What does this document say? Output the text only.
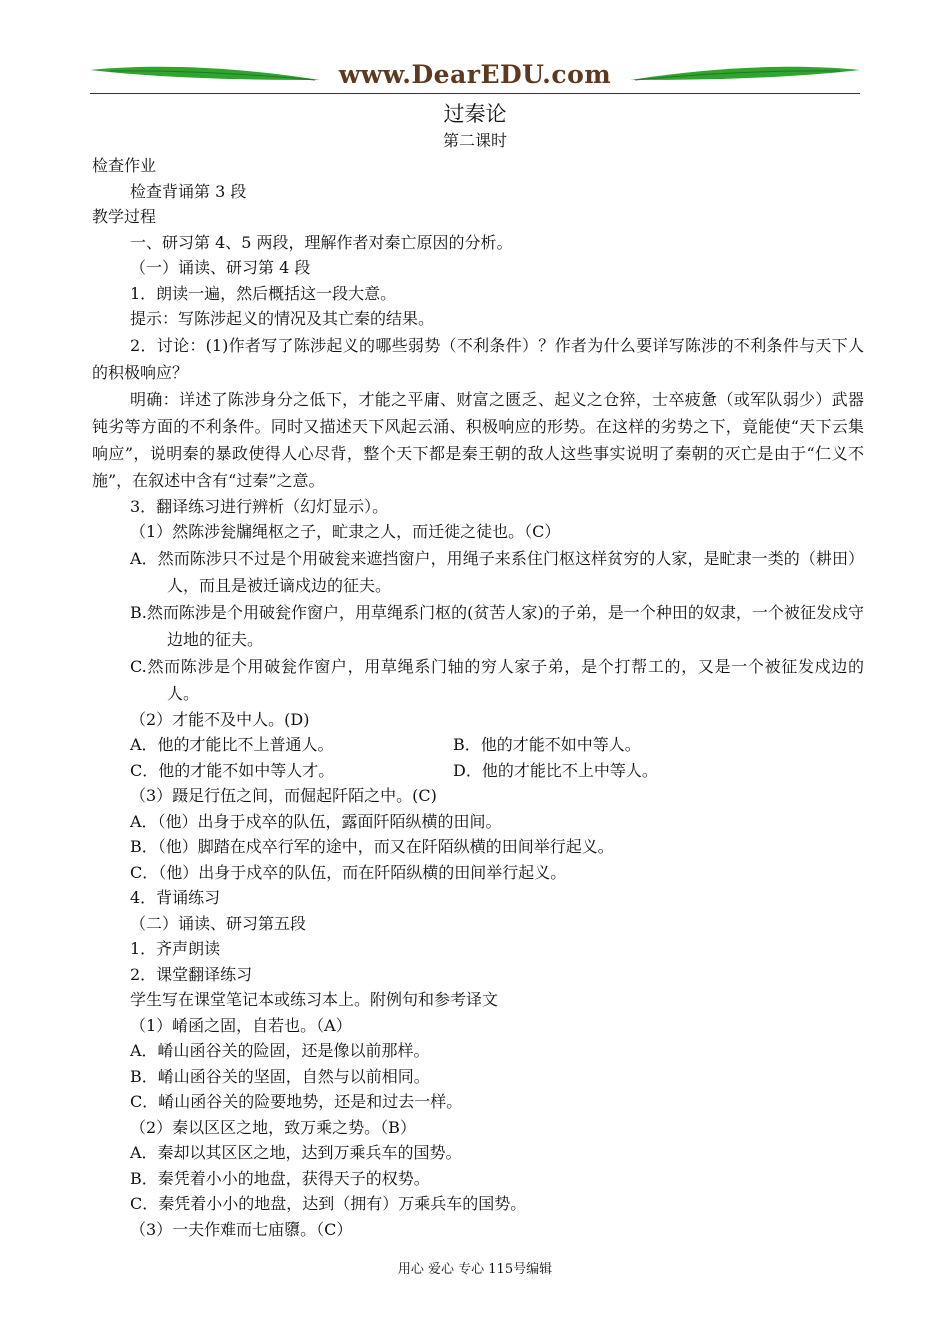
www.DearEDU.com
过秦论
第二课时
检查作业
检查背诵第 3 段
教学过程
一、研习第 4、5 两段，理解作者对秦亡原因的分析。
（一）诵读、研习第 4 段
1．朗读一遍，然后概括这一段大意。
提示：写陈涉起义的情况及其亡秦的结果。
2．讨论：(1)作者写了陈涉起义的哪些弱势（不利条件）？作者为什么要详写陈涉的不利条件与天下人的积极响应？
明确：详述了陈涉身分之低下，才能之平庸、财富之匮乏、起义之仓猝，士卒疲惫（或军队弱少）武器钝劣等方面的不利条件。同时又描述天下风起云涌、积极响应的形势。在这样的劣势之下，竟能使“天下云集响应”，说明秦的暴政使得人心尽背，整个天下都是秦王朝的敌人这些事实说明了秦朝的灭亡是由于“仁义不施”，在叙述中含有“过秦”之意。
3．翻译练习进行辨析（幻灯显示）。
（1）然陈涉瓮牖绳枢之子，甿隶之人，而迁徙之徒也。（C）
A．然而陈涉只不过是个用破瓮来遮挡窗户，用绳子来系住门枢这样贫穷的人家，是甿隶一类的（耕田）人，而且是被迁谪戍边的征夫。
B.然而陈涉是个用破瓮作窗户，用草绳系门枢的(贫苦人家)的子弟，是一个种田的奴隶，一个被征发戍守边地的征夫。
C.然而陈涉是个用破瓮作窗户，用草绳系门轴的穷人家子弟，是个打帮工的，又是一个被征发戍边的人。
（2）才能不及中人。(D)
A．他的才能比不上普通人。	B．他的才能不如中等人。
C．他的才能不如中等人才。	D．他的才能比不上中等人。
（3）蹑足行伍之间，而倔起阡陌之中。(C)
A．（他）出身于戍卒的队伍，露面阡陌纵横的田间。
B．（他）脚踏在戍卒行军的途中，而又在阡陌纵横的田间举行起义。
C．（他）出身于戍卒的队伍，而在阡陌纵横的田间举行起义。
4．背诵练习
（二）诵读、研习第五段
1．齐声朗读
2．课堂翻译练习
学生写在课堂笔记本或练习本上。附例句和参考译文
（1）崤函之固，自若也。（A）
A．崤山函谷关的险固，还是像以前那样。
B．崤山函谷关的坚固，自然与以前相同。
C．崤山函谷关的险要地势，还是和过去一样。
（2）秦以区区之地，致万乘之势。（B）
A．秦却以其区区之地，达到万乘兵车的国势。
B．秦凭着小小的地盘，获得天子的权势。
C．秦凭着小小的地盘，达到（拥有）万乘兵车的国势。
（3）一夫作难而七庙隳。（C）
用心 爱心 专心 115号编辑
